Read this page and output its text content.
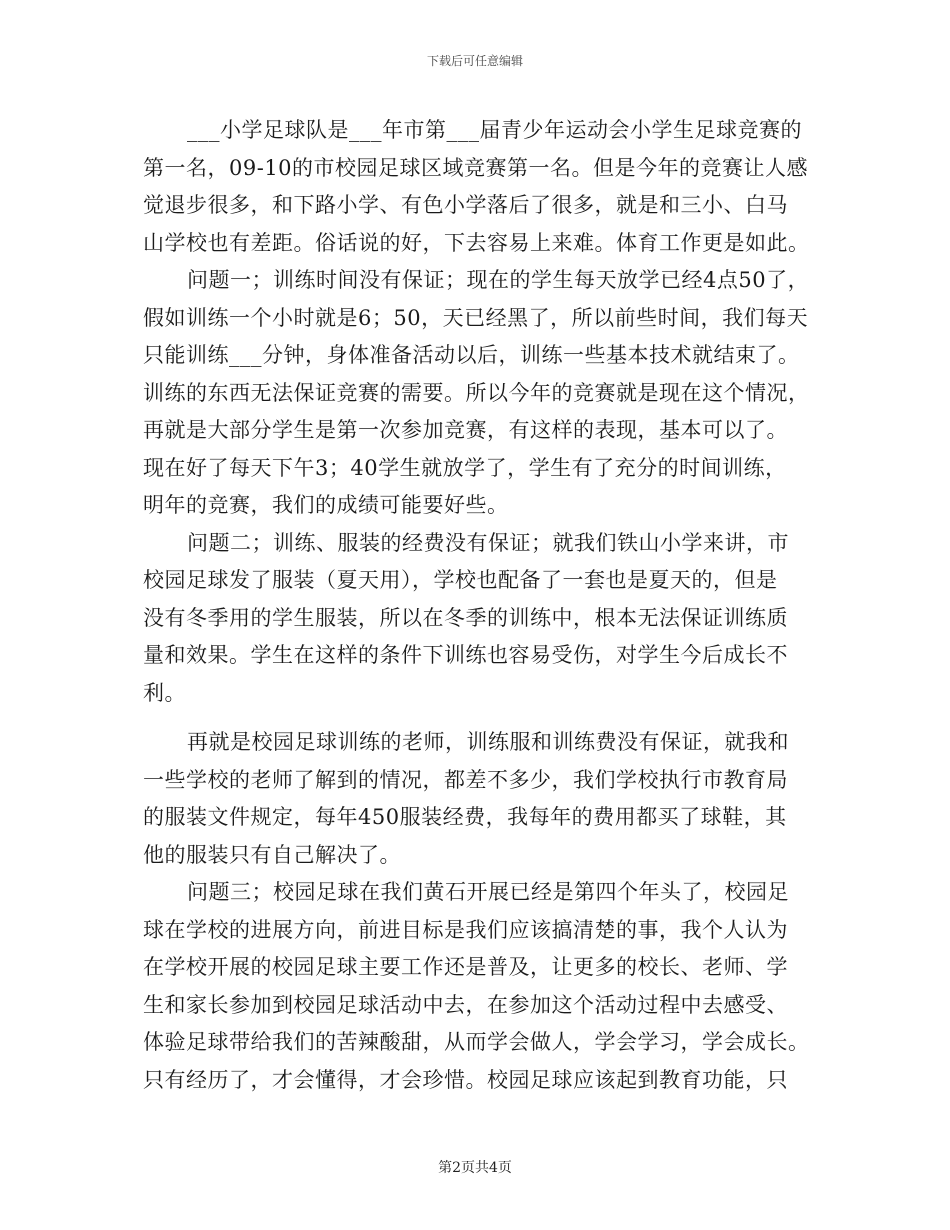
下载后可任意编辑
___小学足球队是___年市第___届青少年运动会小学生足球竞赛的
第一名，09-10的市校园足球区域竞赛第一名。但是今年的竞赛让人感
觉退步很多，和下路小学、有色小学落后了很多，就是和三小、白马
山学校也有差距。俗话说的好，下去容易上来难。体育工作更是如此。
问题一；训练时间没有保证；现在的学生每天放学已经4点50了，
假如训练一个小时就是6；50，天已经黑了，所以前些时间，我们每天
只能训练___分钟，身体准备活动以后，训练一些基本技术就结束了。
训练的东西无法保证竞赛的需要。所以今年的竞赛就是现在这个情况，
再就是大部分学生是第一次参加竞赛，有这样的表现，基本可以了。
现在好了每天下午3；40学生就放学了，学生有了充分的时间训练，
明年的竞赛，我们的成绩可能要好些。
问题二；训练、服装的经费没有保证；就我们铁山小学来讲，市
校园足球发了服装（夏天用），学校也配备了一套也是夏天的，但是
没有冬季用的学生服装，所以在冬季的训练中，根本无法保证训练质
量和效果。学生在这样的条件下训练也容易受伤，对学生今后成长不
利。
再就是校园足球训练的老师，训练服和训练费没有保证，就我和
一些学校的老师了解到的情况，都差不多少，我们学校执行市教育局
的服装文件规定，每年450服装经费，我每年的费用都买了球鞋，其
他的服装只有自己解决了。
问题三；校园足球在我们黄石开展已经是第四个年头了，校园足
球在学校的进展方向，前进目标是我们应该搞清楚的事，我个人认为
在学校开展的校园足球主要工作还是普及，让更多的校长、老师、学
生和家长参加到校园足球活动中去，在参加这个活动过程中去感受、
体验足球带给我们的苦辣酸甜，从而学会做人，学会学习，学会成长。
只有经历了，才会懂得，才会珍惜。校园足球应该起到教育功能，只
第2页共4页
